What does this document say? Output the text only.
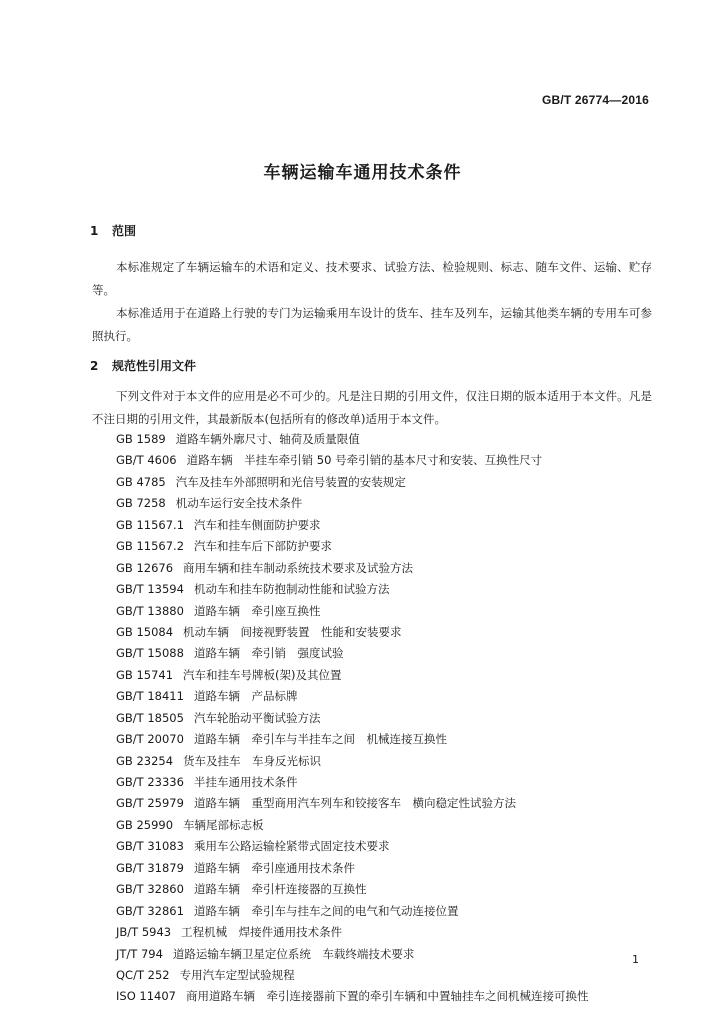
GB/T 26774—2016
车辆运输车通用技术条件
1 范围
本标准规定了车辆运输车的术语和定义、技术要求、试验方法、检验规则、标志、随车文件、运输、贮存等。
本标准适用于在道路上行驶的专门为运输乘用车设计的货车、挂车及列车，运输其他类车辆的专用车可参照执行。
2 规范性引用文件
下列文件对于本文件的应用是必不可少的。凡是注日期的引用文件，仅注日期的版本适用于本文件。凡是不注日期的引用文件，其最新版本(包括所有的修改单)适用于本文件。
GB 1589 道路车辆外廓尺寸、轴荷及质量限值
GB/T 4606 道路车辆　半挂车牵引销 50 号牵引销的基本尺寸和安装、互换性尺寸
GB 4785 汽车及挂车外部照明和光信号装置的安装规定
GB 7258 机动车运行安全技术条件
GB 11567.1 汽车和挂车侧面防护要求
GB 11567.2 汽车和挂车后下部防护要求
GB 12676 商用车辆和挂车制动系统技术要求及试验方法
GB/T 13594 机动车和挂车防抱制动性能和试验方法
GB/T 13880 道路车辆　牵引座互换性
GB 15084 机动车辆　间接视野装置　性能和安装要求
GB/T 15088 道路车辆　牵引销　强度试验
GB 15741 汽车和挂车号牌板(架)及其位置
GB/T 18411 道路车辆　产品标牌
GB/T 18505 汽车轮胎动平衡试验方法
GB/T 20070 道路车辆　牵引车与半挂车之间　机械连接互换性
GB 23254 货车及挂车　车身反光标识
GB/T 23336 半挂车通用技术条件
GB/T 25979 道路车辆　重型商用汽车列车和铰接客车　横向稳定性试验方法
GB 25990 车辆尾部标志板
GB/T 31083 乘用车公路运输栓紧带式固定技术要求
GB/T 31879 道路车辆　牵引座通用技术条件
GB/T 32860 道路车辆　牵引杆连接器的互换性
GB/T 32861 道路车辆　牵引车与挂车之间的电气和气动连接位置
JB/T 5943 工程机械　焊接件通用技术条件
JT/T 794 道路运输车辆卫星定位系统　车载终端技术要求
QC/T 252 专用汽车定型试验规程
ISO 11407 商用道路车辆　牵引连接器前下置的牵引车辆和中置轴挂车之间机械连接可换性
1
